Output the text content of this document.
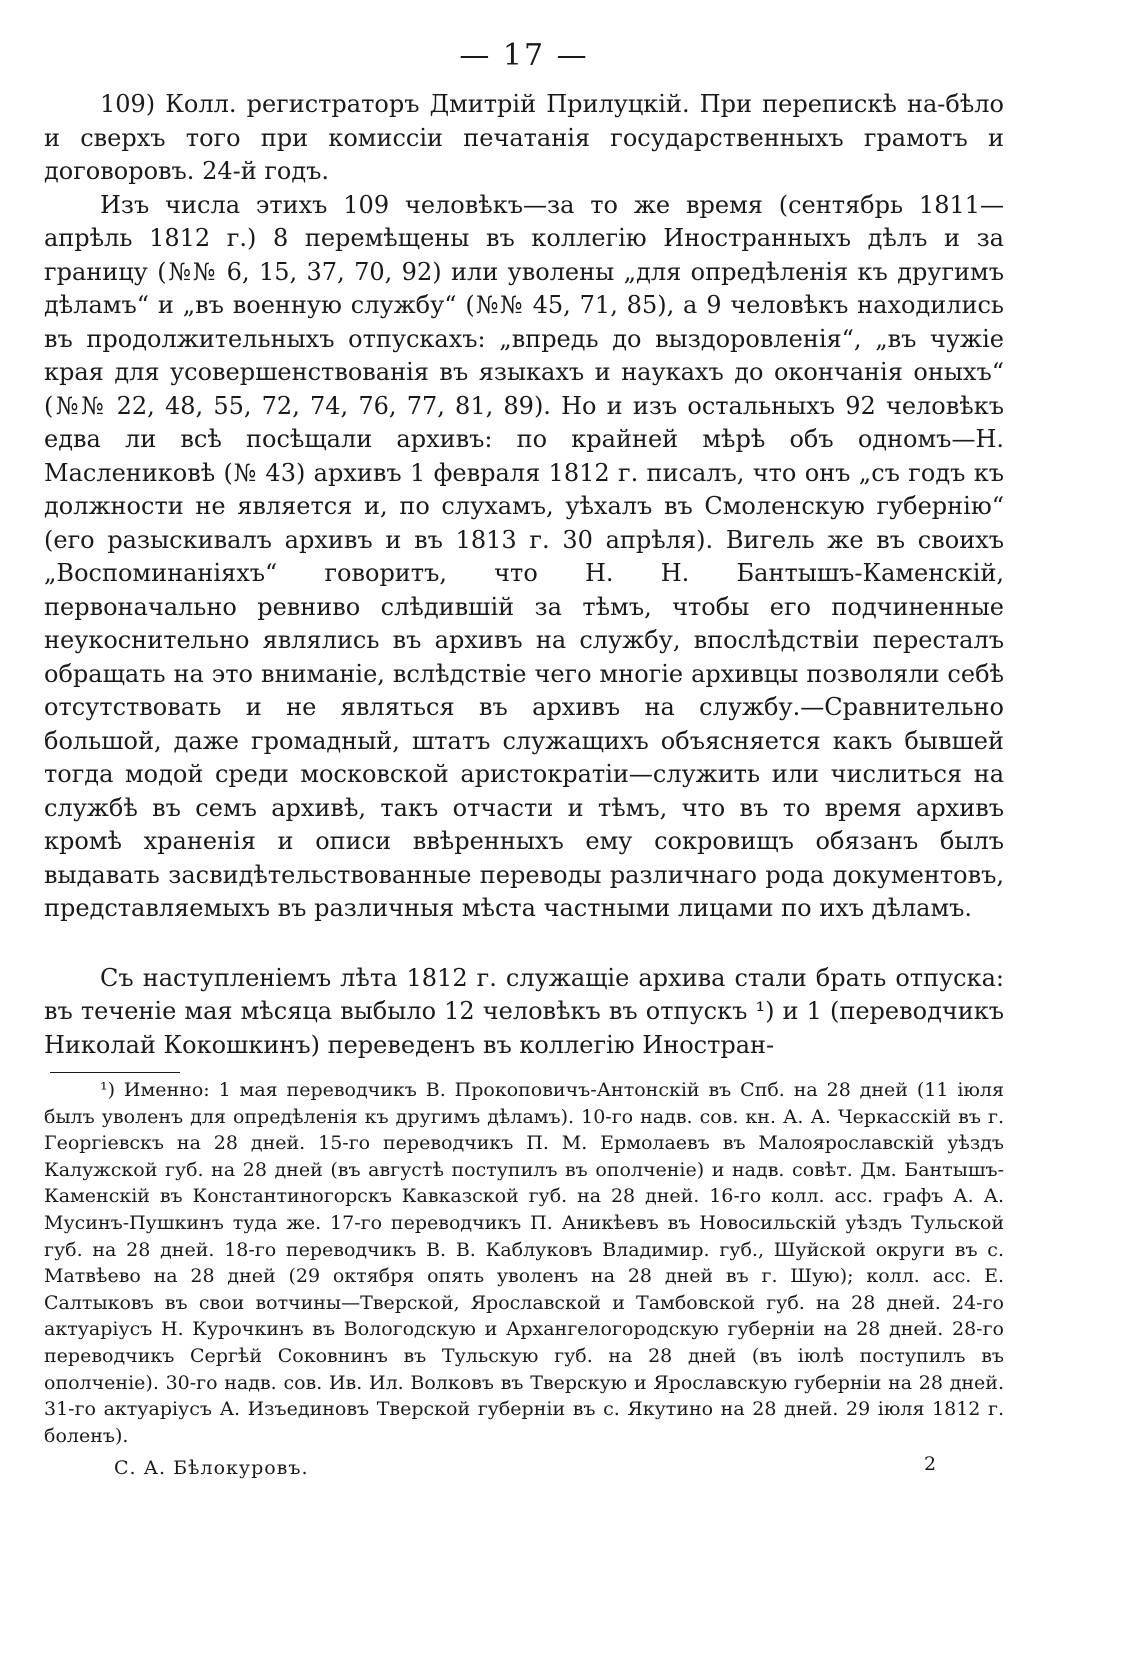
— 17 —

109) Колл. регистраторъ Дмитрій Прилуцкій. При перепискѣ на-бѣло и сверхъ того при комиссіи печатанія государственныхъ грамотъ и договоровъ. 24-й годъ.

Изъ числа этихъ 109 человѣкъ—за то же время (сентябрь 1811—апрѣль 1812 г.) 8 перемѣщены въ коллегію Иностранныхъ дѣлъ и за границу (№№ 6, 15, 37, 70, 92) или уволены „для опредѣленія къ другимъ дѣламъ“ и „въ военную службу“ (№№ 45, 71, 85), а 9 человѣкъ находились въ продолжительныхъ отпускахъ: „впредь до выздоровленія“, „въ чужіе края для усовершенствованія въ языкахъ и наукахъ до окончанія оныхъ“ (№№ 22, 48, 55, 72, 74, 76, 77, 81, 89). Но и изъ остальныхъ 92 человѣкъ едва ли всѣ посѣщали архивъ: по крайней мѣрѣ объ одномъ—Н. Маслениковѣ (№ 43) архивъ 1 февраля 1812 г. писалъ, что онъ „съ годъ къ должности не является и, по слухамъ, уѣхалъ въ Смоленскую губернію“ (его разыскивалъ архивъ и въ 1813 г. 30 апрѣля). Вигель же въ своихъ „Воспоминаніяхъ“ говоритъ, что Н. Н. Бантышъ-Каменскій, первоначально ревниво слѣдившій за тѣмъ, чтобы его подчиненные неукоснительно являлись въ архивъ на службу, впослѣдствіи пересталъ обращать на это вниманіе, вслѣдствіе чего многіе архивцы позволяли себѣ отсутствовать и не являться въ архивъ на службу.—Сравнительно большой, даже громадный, штатъ служащихъ объясняется какъ бывшей тогда модой среди московской аристократіи—служить или числиться на службѣ въ семъ архивѣ, такъ отчасти и тѣмъ, что въ то время архивъ кромѣ храненія и описи ввѣренныхъ ему сокровищъ обязанъ былъ выдавать засвидѣтельствованные переводы различнаго рода документовъ, представляемыхъ въ различныя мѣста частными лицами по ихъ дѣламъ.

Съ наступленіемъ лѣта 1812 г. служащіе архива стали брать отпуска: въ теченіе мая мѣсяца выбыло 12 человѣкъ въ отпускъ ¹) и 1 (переводчикъ Николай Кокошкинъ) переведенъ въ коллегію Иностран-

¹) Именно: 1 мая переводчикъ В. Прокоповичъ-Антонскій въ Спб. на 28 дней (11 іюля былъ уволенъ для опредѣленія къ другимъ дѣламъ). 10-го надв. сов. кн. А. А. Черкасскій въ г. Георгіевскъ на 28 дней. 15-го переводчикъ П. М. Ермолаевъ въ Малоярославскій уѣздъ Калужской губ. на 28 дней (въ августѣ поступилъ въ ополченіе) и надв. совѣт. Дм. Бантышъ-Каменскій въ Константиногорскъ Кавказской губ. на 28 дней. 16-го колл. асс. графъ А. А. Мусинъ-Пушкинъ туда же. 17-го переводчикъ П. Аникѣевъ въ Новосильскій уѣздъ Тульской губ. на 28 дней. 18-го переводчикъ В. В. Каблуковъ Владимир. губ., Шуйской округи въ с. Матвѣево на 28 дней (29 октября опять уволенъ на 28 дней въ г. Шую); колл. асс. Е. Салтыковъ въ свои вотчины—Тверской, Ярославской и Тамбовской губ. на 28 дней. 24-го актуаріусъ Н. Курочкинъ въ Вологодскую и Архангелогородскую губерніи на 28 дней. 28-го переводчикъ Сергѣй Соковнинъ въ Тульскую губ. на 28 дней (въ іюлѣ поступилъ въ ополченіе). 30-го надв. сов. Ив. Ил. Волковъ въ Тверскую и Ярославскую губерніи на 28 дней. 31-го актуаріусъ А. Изъединовъ Тверской губерніи въ с. Якутино на 28 дней. 29 іюля 1812 г. боленъ).

С. А. Бѣлокуровъ.	2
